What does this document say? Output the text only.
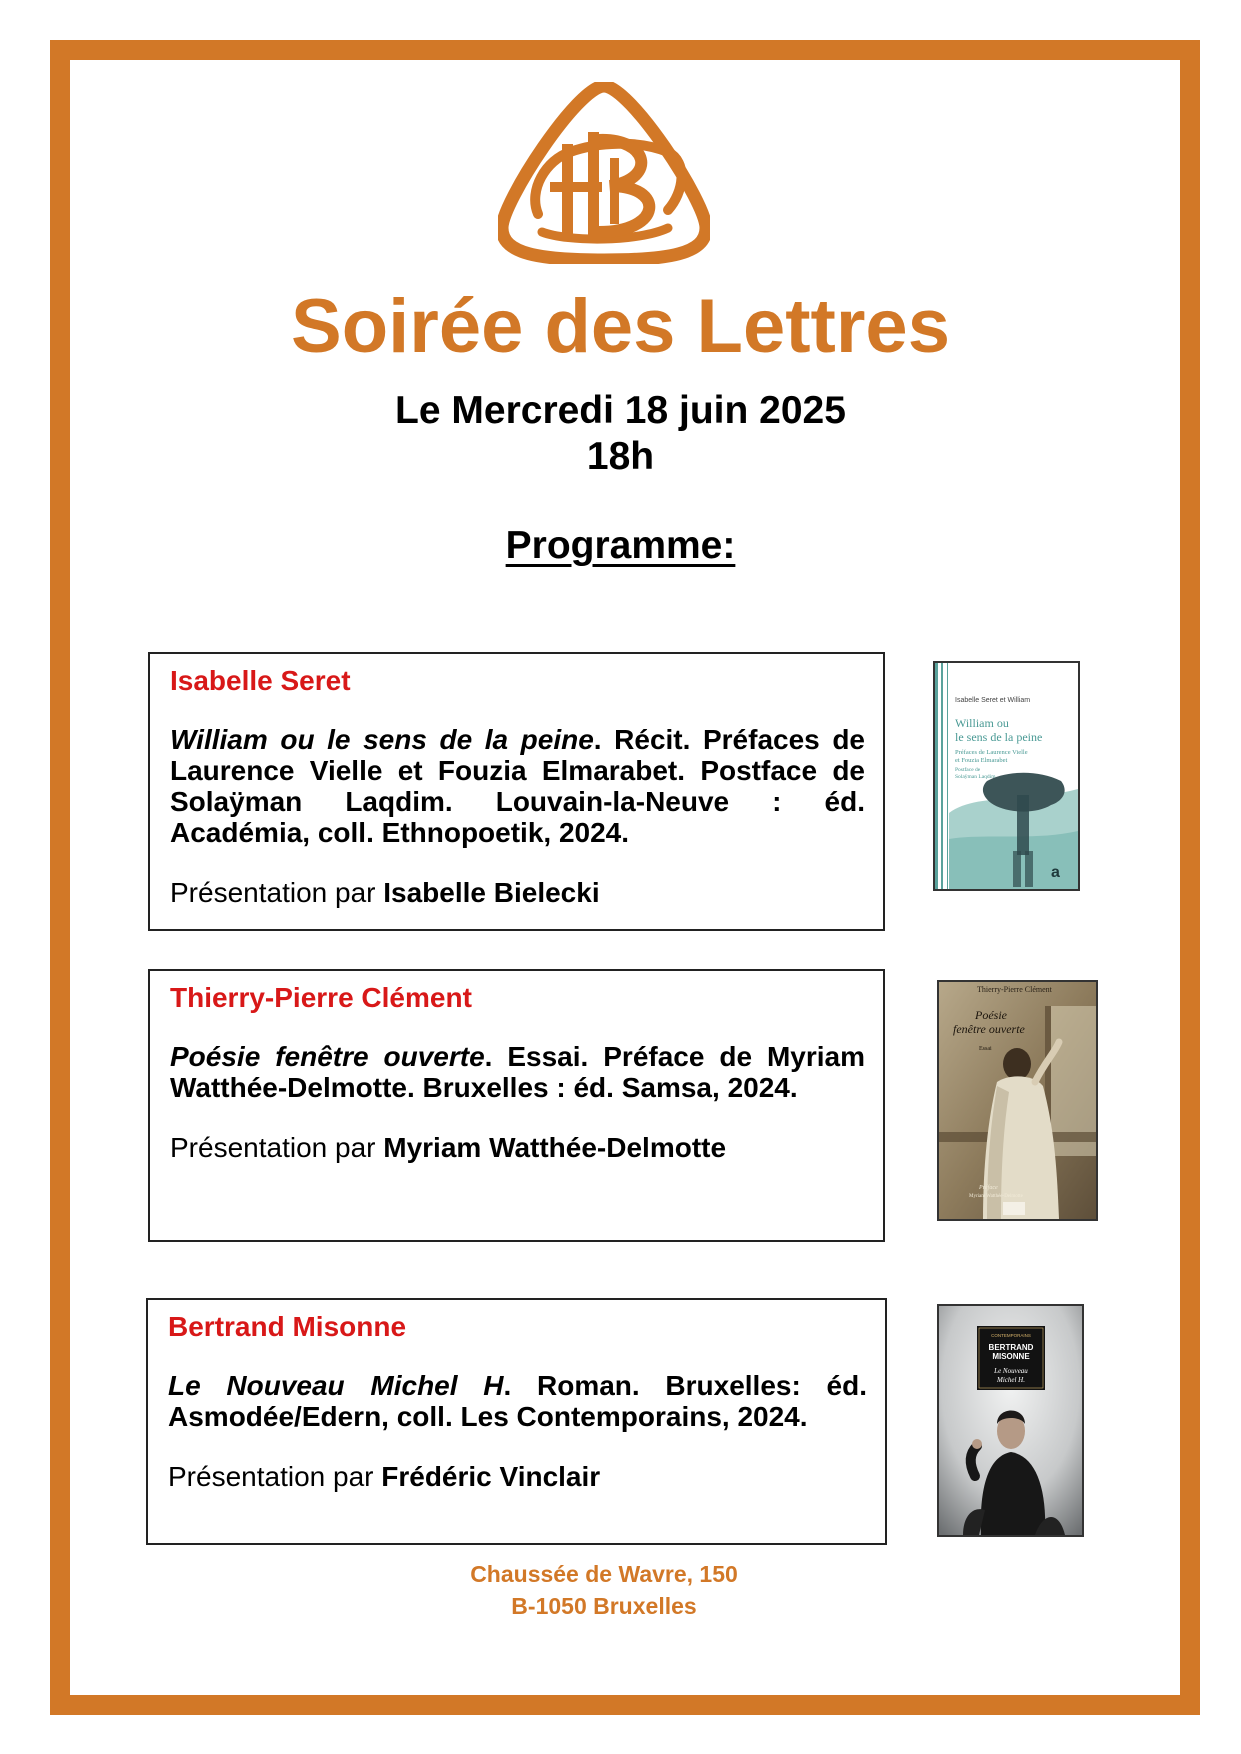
Soirée des Lettres
Le Mercredi 18 juin 2025
18h
Programme:

Isabelle Seret

William ou le sens de la peine. Récit. Préfaces de Laurence Vielle et Fouzia Elmarabet. Postface de Solaÿman Laqdim. Louvain-la-Neuve : éd. Académia, coll. Ethnopoetik, 2024.

Présentation par Isabelle Bielecki

Isabelle Seret et William
William ou
le sens de la peine
Préfaces de Laurence Vielle
et Fouzia Elmarabet
Postface de
Solaÿman Laqdim
a

Thierry-Pierre Clément

Poésie fenêtre ouverte. Essai. Préface de Myriam Watthée-Delmotte. Bruxelles : éd. Samsa, 2024.

Présentation par Myriam Watthée-Delmotte

Thierry-Pierre Clément
Poésie
fenêtre ouverte
Essai
Préface
Myriam Watthée-Delmotte

Bertrand Misonne

Le Nouveau Michel H. Roman. Bruxelles: éd. Asmodée/Edern, coll. Les Contemporains, 2024.

Présentation par Frédéric Vinclair

CONTEMPORAINS
BERTRAND
MISONNE
Le Nouveau
Michel H.
Chaussée de Wavre, 150
B-1050 Bruxelles
